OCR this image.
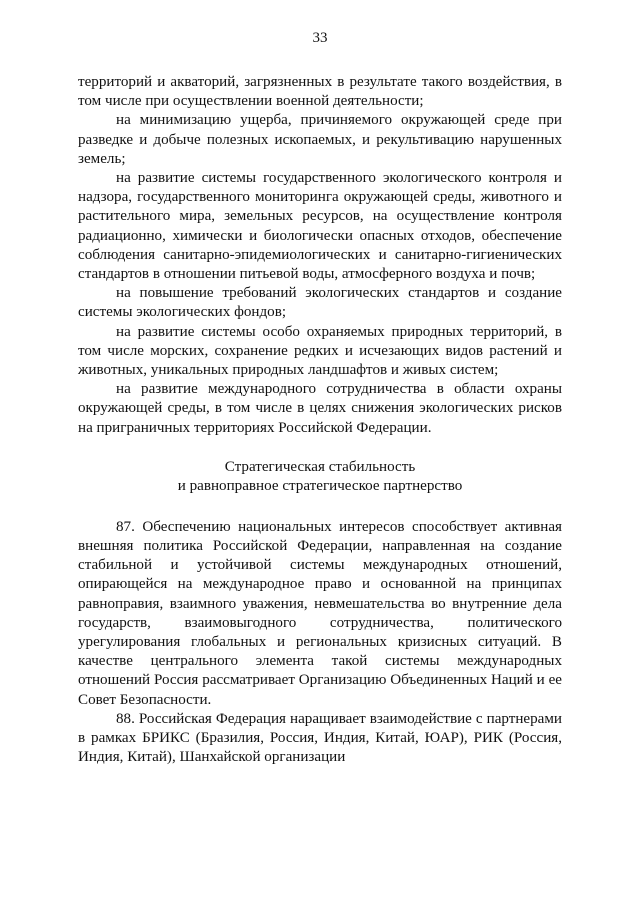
33

территорий и акваторий, загрязненных в результате такого воздействия, в том числе при осуществлении военной деятельности;

на минимизацию ущерба, причиняемого окружающей среде при разведке и добыче полезных ископаемых, и рекультивацию нарушенных земель;

на развитие системы государственного экологического контроля и надзора, государственного мониторинга окружающей среды, животного и растительного мира, земельных ресурсов, на осуществление контроля радиационно, химически и биологически опасных отходов, обеспечение соблюдения санитарно-эпидемиологических и санитарно-гигиенических стандартов в отношении питьевой воды, атмосферного воздуха и почв;

на повышение требований экологических стандартов и создание системы экологических фондов;

на развитие системы особо охраняемых природных территорий, в том числе морских, сохранение редких и исчезающих видов растений и животных, уникальных природных ландшафтов и живых систем;

на развитие международного сотрудничества в области охраны окружающей среды, в том числе в целях снижения экологических рисков на приграничных территориях Российской Федерации.

Стратегическая стабильность
и равноправное стратегическое партнерство

87. Обеспечению национальных интересов способствует активная внешняя политика Российской Федерации, направленная на создание стабильной и устойчивой системы международных отношений, опирающейся на международное право и основанной на принципах равноправия, взаимного уважения, невмешательства во внутренние дела государств, взаимовыгодного сотрудничества, политического урегулирования глобальных и региональных кризисных ситуаций. В качестве центрального элемента такой системы международных отношений Россия рассматривает Организацию Объединенных Наций и ее Совет Безопасности.

88. Российская Федерация наращивает взаимодействие с партнерами в рамках БРИКС (Бразилия, Россия, Индия, Китай, ЮАР), РИК (Россия, Индия, Китай), Шанхайской организации
